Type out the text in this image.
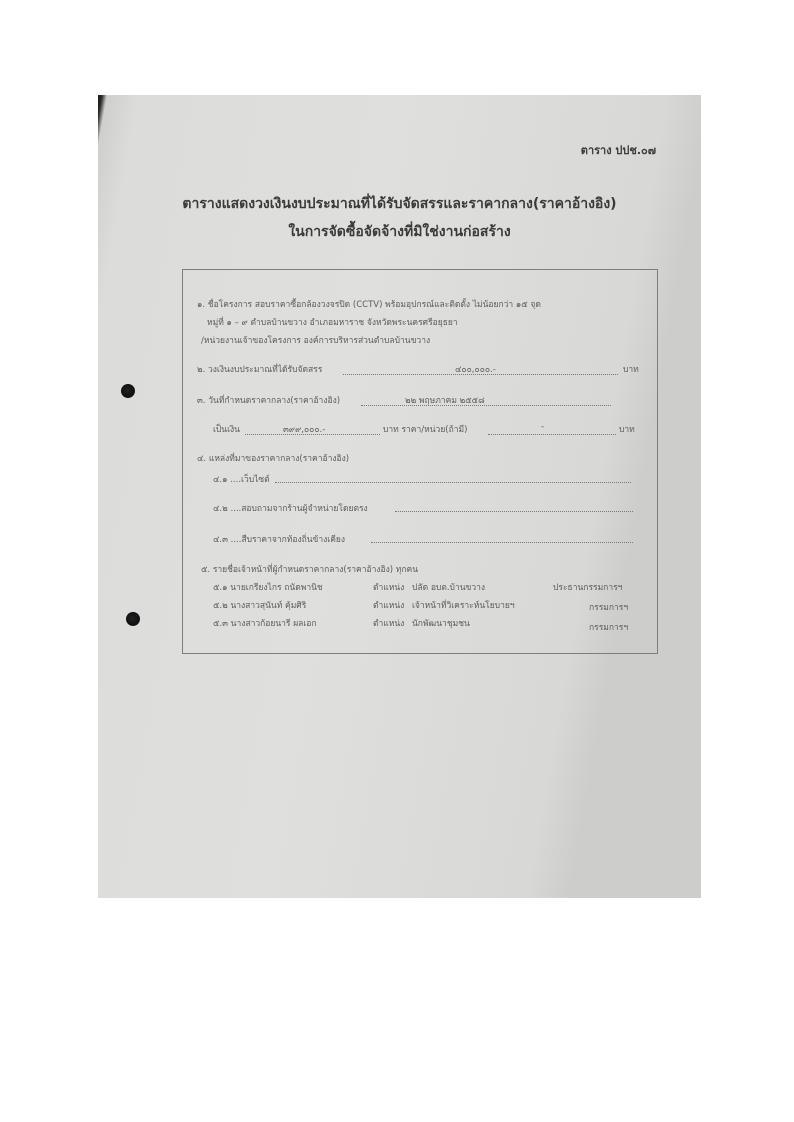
ตาราง ปปช.๐๗
ตารางแสดงวงเงินงบประมาณที่ได้รับจัดสรรและราคากลาง(ราคาอ้างอิง)
ในการจัดซื้อจัดจ้างที่มิใช่งานก่อสร้าง
๑. ชื่อโครงการ สอบราคาซื้อกล้องวงจรปิด (CCTV) พร้อมอุปกรณ์และติดตั้ง ไม่น้อยกว่า ๑๕ จุด
หมู่ที่ ๑ – ๙ ตำบลบ้านขวาง อำเภอมหาราช จังหวัดพระนครศรีอยุธยา
/หน่วยงานเจ้าของโครงการ องค์การบริหารส่วนตำบลบ้านขวาง
๒. วงเงินงบประมาณที่ได้รับจัดสรร	๔๐๐,๐๐๐.-	บาท
๓. วันที่กำหนดราคากลาง(ราคาอ้างอิง)	๒๒ พฤษภาคม ๒๕๕๘
เป็นเงิน	๓๙๙,๐๐๐.-	บาท ราคา/หน่วย(ถ้ามี)	-	บาท
๔. แหล่งที่มาของราคากลาง(ราคาอ้างอิง)
๔.๑ ....เว็บไซต์
๔.๒ ....สอบถามจากร้านผู้จำหน่ายโดยตรง
๔.๓ ....สืบราคาจากท้องถิ่นข้างเคียง
๕. รายชื่อเจ้าหน้าที่ผู้กำหนดราคากลาง(ราคาอ้างอิง) ทุกคน
๕.๑ นายเกรียงไกร ถนัดพานิช	ตำแหน่ง ปลัด อบต.บ้านขวาง	ประธานกรรมการฯ
๕.๒ นางสาวสุนันท์ คุ้มศิริ	ตำแหน่ง เจ้าหน้าที่วิเคราะห์นโยบายฯ	กรรมการฯ
๕.๓ นางสาวก้อยนารี ผลเอก	ตำแหน่ง นักพัฒนาชุมชน	กรรมการฯ
